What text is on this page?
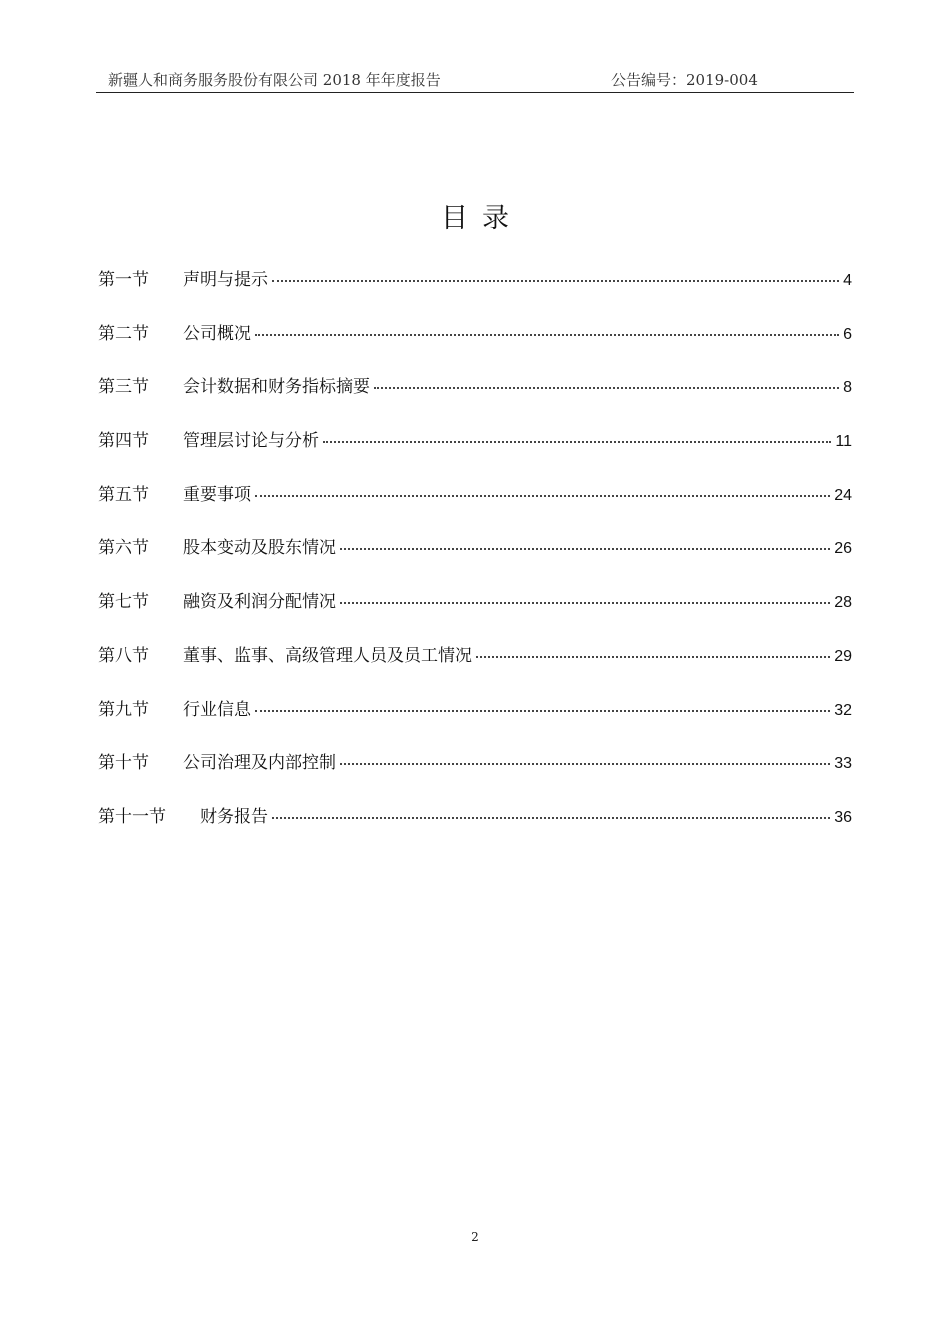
新疆人和商务服务股份有限公司 2018 年年度报告	公告编号：2019-004
目录
第一节	声明与提示	4
第二节	公司概况	6
第三节	会计数据和财务指标摘要	8
第四节	管理层讨论与分析	11
第五节	重要事项	24
第六节	股本变动及股东情况	26
第七节	融资及利润分配情况	28
第八节	董事、监事、高级管理人员及员工情况	29
第九节	行业信息	32
第十节	公司治理及内部控制	33
第十一节	财务报告	36
2
